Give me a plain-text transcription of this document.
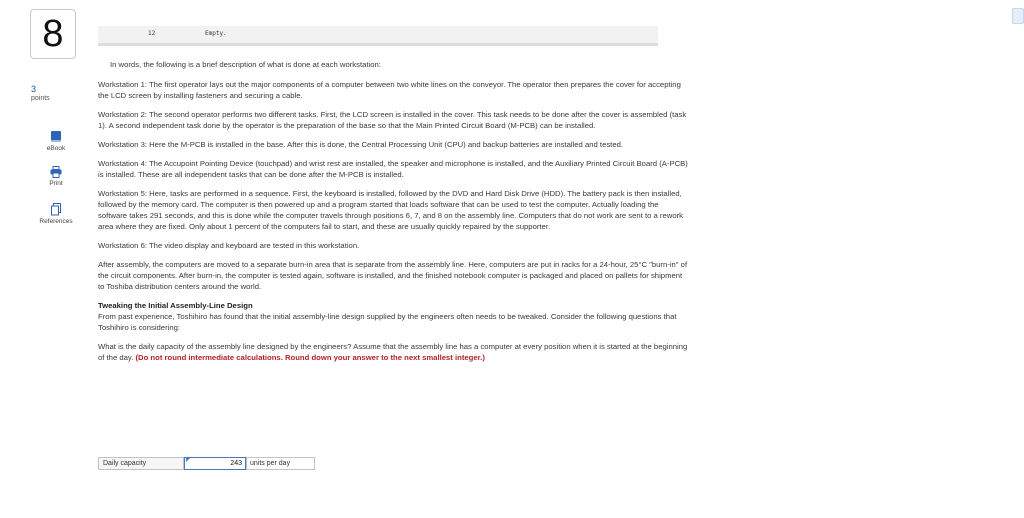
8
3
points
eBook
Print
References
12	Empty.

In words, the following is a brief description of what is done at each workstation:

Workstation 1: The first operator lays out the major components of a computer between two white lines on the conveyor. The operator then prepares the cover for accepting the LCD screen by installing fasteners and securing a cable.

Workstation 2: The second operator performs two different tasks. First, the LCD screen is installed in the cover. This task needs to be done after the cover is assembled (task 1). A second independent task done by the operator is the preparation of the base so that the Main Printed Circuit Board (M-PCB) can be installed.

Workstation 3: Here the M-PCB is installed in the base. After this is done, the Central Processing Unit (CPU) and backup batteries are installed and tested.

Workstation 4: The Accupoint Pointing Device (touchpad) and wrist rest are installed, the speaker and microphone is installed, and the Auxiliary Printed Circuit Board (A-PCB) is installed. These are all independent tasks that can be done after the M-PCB is installed.

Workstation 5: Here, tasks are performed in a sequence. First, the keyboard is installed, followed by the DVD and Hard Disk Drive (HDD). The battery pack is then installed, followed by the memory card. The computer is then powered up and a program started that loads software that can be used to test the computer. Actually loading the software takes 291 seconds, and this is done while the computer travels through positions 6, 7, and 8 on the assembly line. Computers that do not work are sent to a rework area where they are fixed. Only about 1 percent of the computers fail to start, and these are usually quickly repaired by the supporter.

Workstation 6: The video display and keyboard are tested in this workstation.

After assembly, the computers are moved to a separate burn-in area that is separate from the assembly line. Here, computers are put in racks for a 24-hour, 25°C "burn-in" of the circuit components. After burn-in, the computer is tested again, software is installed, and the finished notebook computer is packaged and placed on pallets for shipment to Toshiba distribution centers around the world.

Tweaking the Initial Assembly-Line Design
From past experience, Toshihiro has found that the initial assembly-line design supplied by the engineers often needs to be tweaked. Consider the following questions that Toshihiro is considering:

What is the daily capacity of the assembly line designed by the engineers? Assume that the assembly line has a computer at every position when it is started at the beginning of the day. (Do not round intermediate calculations. Round down your answer to the next smallest integer.)

Daily capacity
243	units per day
